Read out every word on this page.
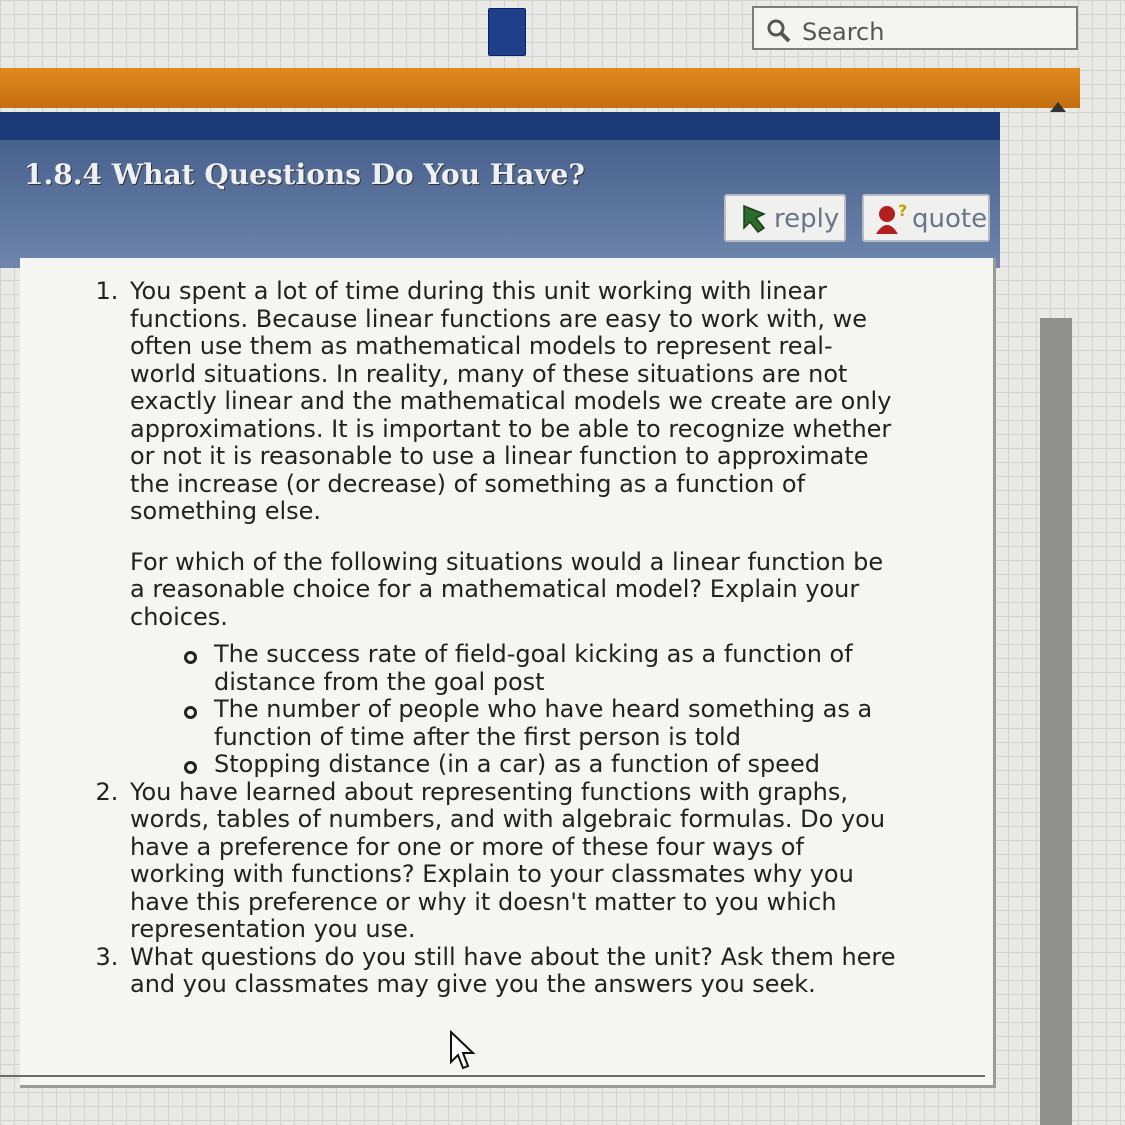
Search
1.8.4 What Questions Do You Have?
reply	? quote

1. You spent a lot of time during this unit working with linear functions. Because linear functions are easy to work with, we often use them as mathematical models to represent real-world situations. In reality, many of these situations are not exactly linear and the mathematical models we create are only approximations. It is important to be able to recognize whether or not it is reasonable to use a linear function to approximate the increase (or decrease) of something as a function of something else.

For which of the following situations would a linear function be a reasonable choice for a mathematical model? Explain your choices.

The success rate of field-goal kicking as a function of distance from the goal post
The number of people who have heard something as a function of time after the first person is told
Stopping distance (in a car) as a function of speed
2. You have learned about representing functions with graphs, words, tables of numbers, and with algebraic formulas. Do you have a preference for one or more of these four ways of working with functions? Explain to your classmates why you have this preference or why it doesn't matter to you which representation you use.
3. What questions do you still have about the unit? Ask them here and you classmates may give you the answers you seek.
